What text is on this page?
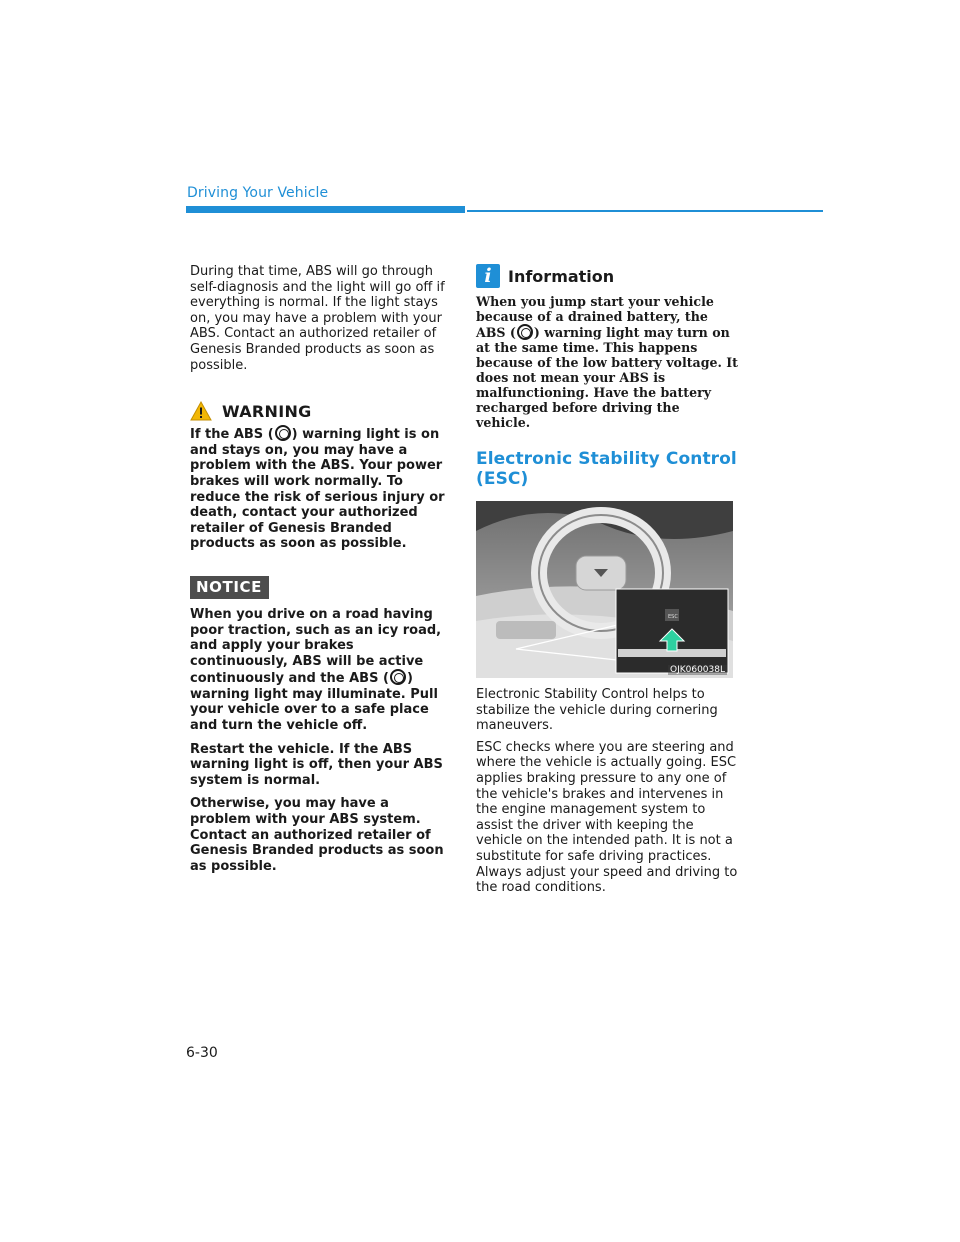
Driving Your Vehicle

During that time, ABS will go through self-diagnosis and the light will go off if everything is normal. If the light stays on, you may have a problem with your ABS. Contact an authorized retailer of Genesis Branded products as soon as possible.

WARNING

If the ABS ( ) warning light is on and stays on, you may have a problem with the ABS. Your power brakes will work normally. To reduce the risk of serious injury or death, contact your authorized retailer of Genesis Branded products as soon as possible.

NOTICE

When you drive on a road having poor traction, such as an icy road, and apply your brakes continuously, ABS will be active continuously and the ABS ( ) warning light may illuminate. Pull your vehicle over to a safe place and turn the vehicle off.

Restart the vehicle. If the ABS warning light is off, then your ABS system is normal.

Otherwise, you may have a problem with your ABS system. Contact an authorized retailer of Genesis Branded products as soon as possible.

i	Information

When you jump start your vehicle because of a drained battery, the ABS ( ) warning light may turn on at the same time. This happens because of the low battery voltage. It does not mean your ABS is malfunctioning. Have the battery recharged before driving the vehicle.

Electronic Stability Control (ESC)
ESC
OJK060038L

Electronic Stability Control helps to stabilize the vehicle during cornering maneuvers.

ESC checks where you are steering and where the vehicle is actually going. ESC applies braking pressure to any one of the vehicle's brakes and intervenes in the engine management system to assist the driver with keeping the vehicle on the intended path. It is not a substitute for safe driving practices. Always adjust your speed and driving to the road conditions.

6-30
